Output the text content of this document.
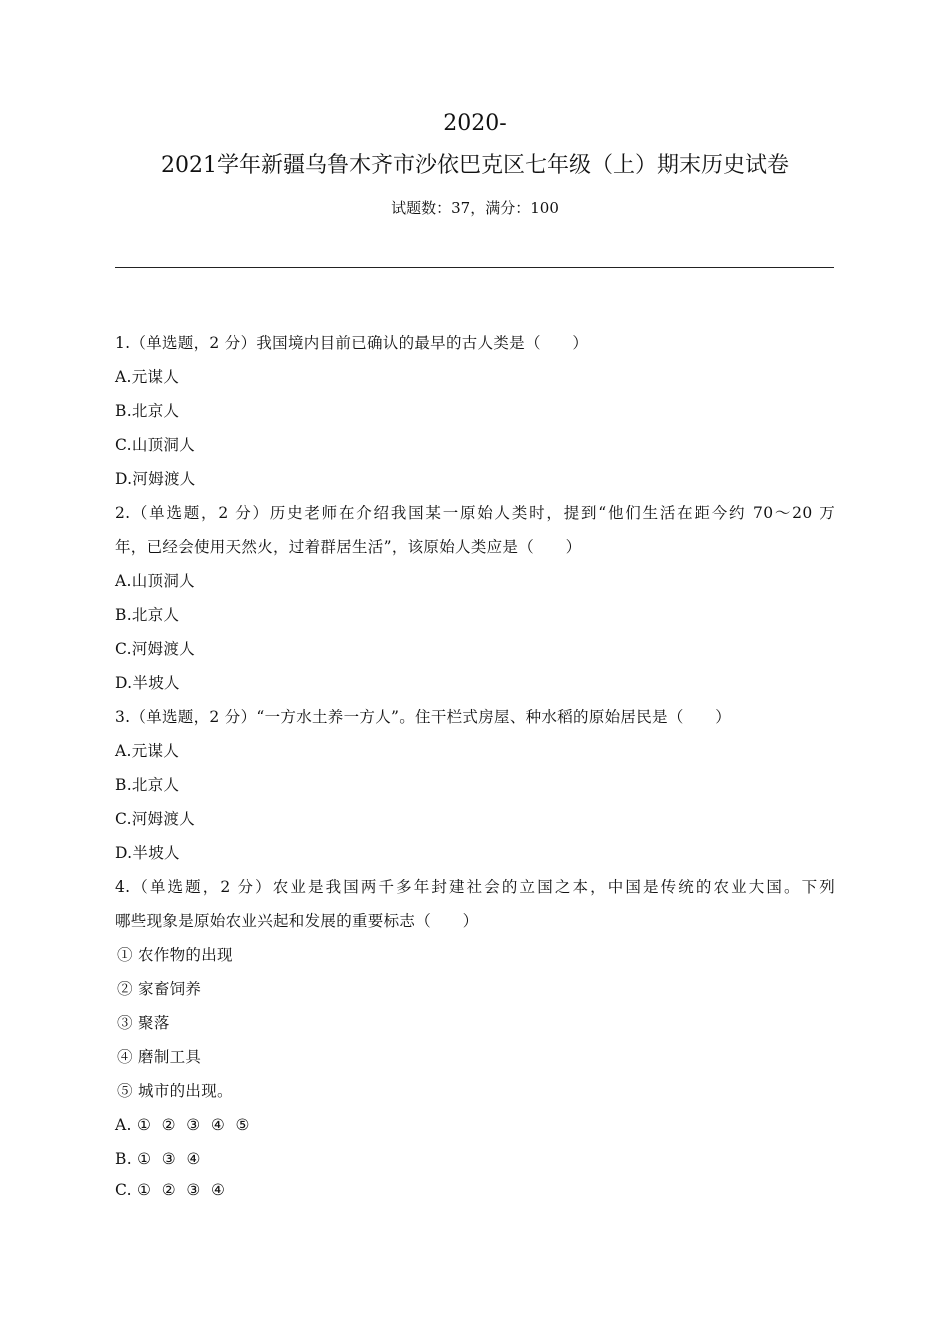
2020-
2021学年新疆乌鲁木齐市沙依巴克区七年级（上）期末历史试卷
试题数：37，满分：100
1.（单选题，2 分）我国境内目前已确认的最早的古人类是（　　）
A.元谋人
B.北京人
C.山顶洞人
D.河姆渡人
2.（单选题，2 分）历史老师在介绍我国某一原始人类时，提到“他们生活在距今约 70～20 万
年，已经会使用天然火，过着群居生活”，该原始人类应是（　　）
A.山顶洞人
B.北京人
C.河姆渡人
D.半坡人
3.（单选题，2 分）“一方水土养一方人”。住干栏式房屋、种水稻的原始居民是（　　）
A.元谋人
B.北京人
C.河姆渡人
D.半坡人
4.（单选题，2 分）农业是我国两千多年封建社会的立国之本，中国是传统的农业大国。下列
哪些现象是原始农业兴起和发展的重要标志（　　）
① 农作物的出现
② 家畜饲养
③ 聚落
④ 磨制工具
⑤ 城市的出现。
A. ①  ②  ③  ④  ⑤
B. ①  ③  ④
C. ①  ②  ③  ④
